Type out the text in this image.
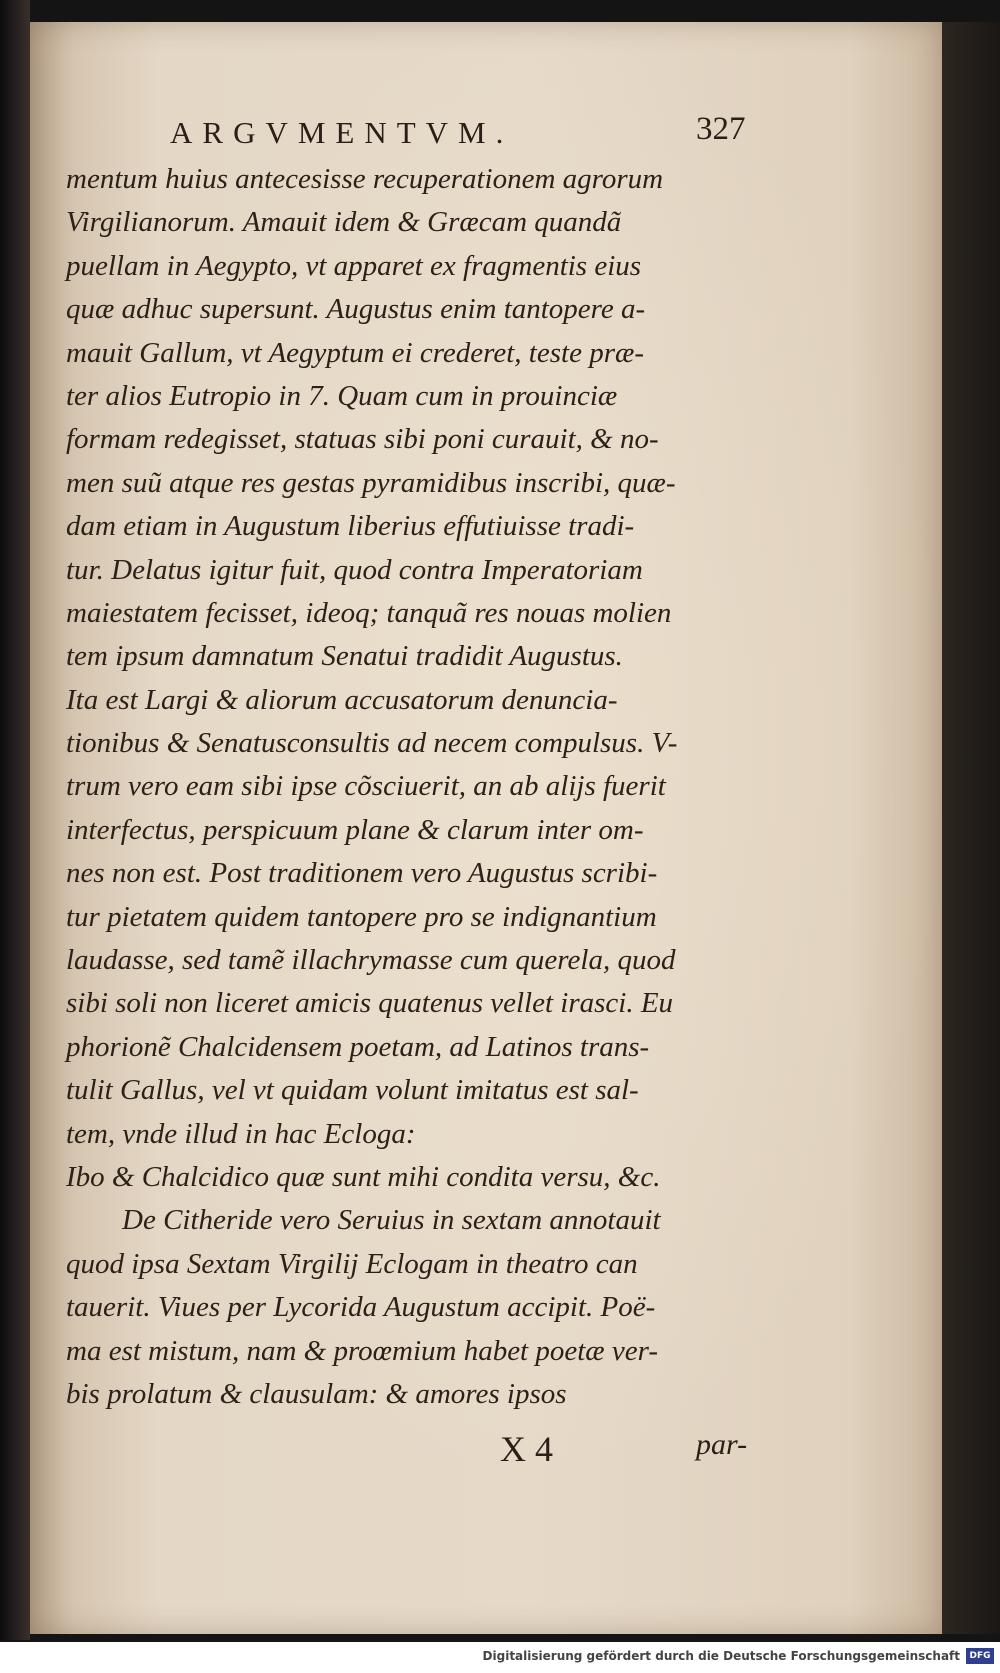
ARGVMENTVM.	327
mentum huius antecesisse recuperationem agrorum
Virgilianorum. Amauit idem & Græcam quandã
puellam in Aegypto, vt apparet ex fragmentis eius
quæ adhuc supersunt. Augustus enim tantopere a-
mauit Gallum, vt Aegyptum ei crederet, teste præ-
ter alios Eutropio in 7. Quam cum in prouinciæ
formam redegisset, statuas sibi poni curauit, & no-
men suũ atque res gestas pyramidibus inscribi, quæ-
dam etiam in Augustum liberius effutiuisse tradi-
tur. Delatus igitur fuit, quod contra Imperatoriam
maiestatem fecisset, ideoq; tanquã res nouas molien
tem ipsum damnatum Senatui tradidit Augustus.
Ita est Largi & aliorum accusatorum denuncia-
tionibus & Senatusconsultis ad necem compulsus. V-
trum vero eam sibi ipse cõsciuerit, an ab alijs fuerit
interfectus, perspicuum plane & clarum inter om-
nes non est. Post traditionem vero Augustus scribi-
tur pietatem quidem tantopere pro se indignantium
laudasse, sed tamẽ illachrymasse cum querela, quod
sibi soli non liceret amicis quatenus vellet irasci. Eu
phorionẽ Chalcidensem poetam, ad Latinos trans-
tulit Gallus, vel vt quidam volunt imitatus est sal-
tem, vnde illud in hac Ecloga:
Ibo & Chalcidico quæ sunt mihi condita versu, &c.
De Citheride vero Seruius in sextam annotauit
quod ipsa Sextam Virgilij Eclogam in theatro can
tauerit. Viues per Lycorida Augustum accipit. Poë-
ma est mistum, nam & proœmium habet poetæ ver-
bis prolatum & clausulam: & amores ipsos
X 4	par-
Digitalisierung gefördert durch die Deutsche Forschungsgemeinschaft	DFG
